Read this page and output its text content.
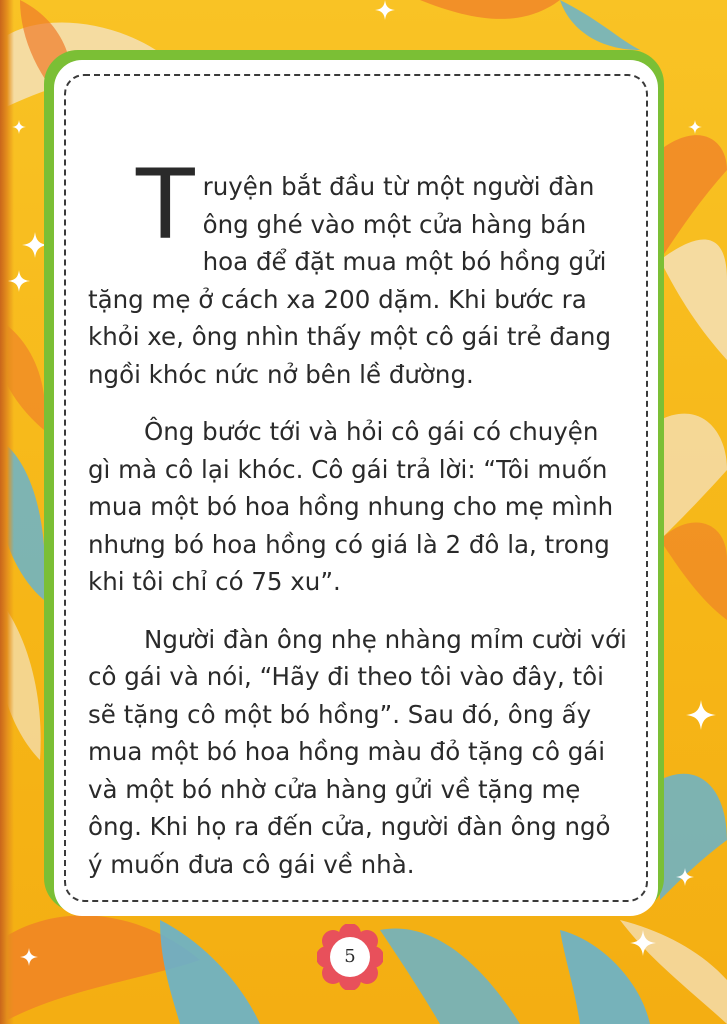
Truyện bắt đầu từ một người đàn ông ghé vào một cửa hàng bán hoa để đặt mua một bó hồng gửi tặng mẹ ở cách xa 200 dặm. Khi bước ra khỏi xe, ông nhìn thấy một cô gái trẻ đang ngồi khóc nức nở bên lề đường.

Ông bước tới và hỏi cô gái có chuyện gì mà cô lại khóc. Cô gái trả lời: “Tôi muốn mua một bó hoa hồng nhung cho mẹ mình nhưng bó hoa hồng có giá là 2 đô la, trong khi tôi chỉ có 75 xu”.

Người đàn ông nhẹ nhàng mỉm cười với cô gái và nói, “Hãy đi theo tôi vào đây, tôi sẽ tặng cô một bó hồng”. Sau đó, ông ấy mua một bó hoa hồng màu đỏ tặng cô gái và một bó nhờ cửa hàng gửi về tặng mẹ ông. Khi họ ra đến cửa, người đàn ông ngỏ ý muốn đưa cô gái về nhà.

5
